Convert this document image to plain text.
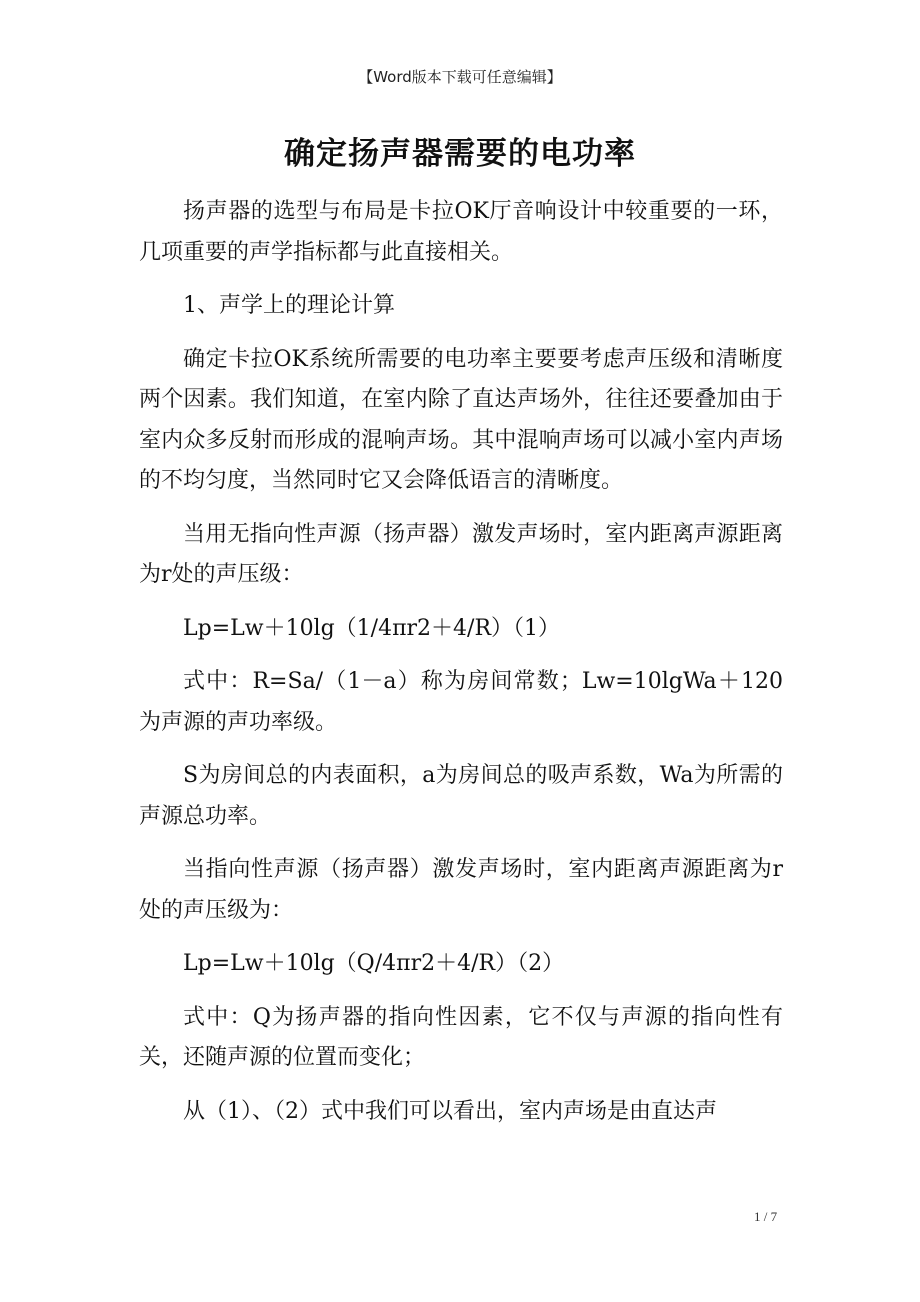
【Word版本下载可任意编辑】
确定扬声器需要的电功率

扬声器的选型与布局是卡拉OK厅音响设计中较重要的一环，几项重要的声学指标都与此直接相关。

1、声学上的理论计算

确定卡拉OK系统所需要的电功率主要要考虑声压级和清晰度两个因素。我们知道，在室内除了直达声场外，往往还要叠加由于室内众多反射而形成的混响声场。其中混响声场可以减小室内声场的不均匀度，当然同时它又会降低语言的清晰度。

当用无指向性声源（扬声器）激发声场时，室内距离声源距离为r处的声压级：

Lp=Lw＋10lg（1/4πr2＋4/R）（1）

式中：R=Sa/（1－a）称为房间常数；Lw=10lgWa＋120为声源的声功率级。

S为房间总的内表面积，a为房间总的吸声系数，Wa为所需的声源总功率。

当指向性声源（扬声器）激发声场时，室内距离声源距离为r处的声压级为：

Lp=Lw＋10lg（Q/4πr2＋4/R）（2）

式中：Q为扬声器的指向性因素，它不仅与声源的指向性有关，还随声源的位置而变化；

从（1）、（2）式中我们可以看出，室内声场是由直达声

1 / 7
